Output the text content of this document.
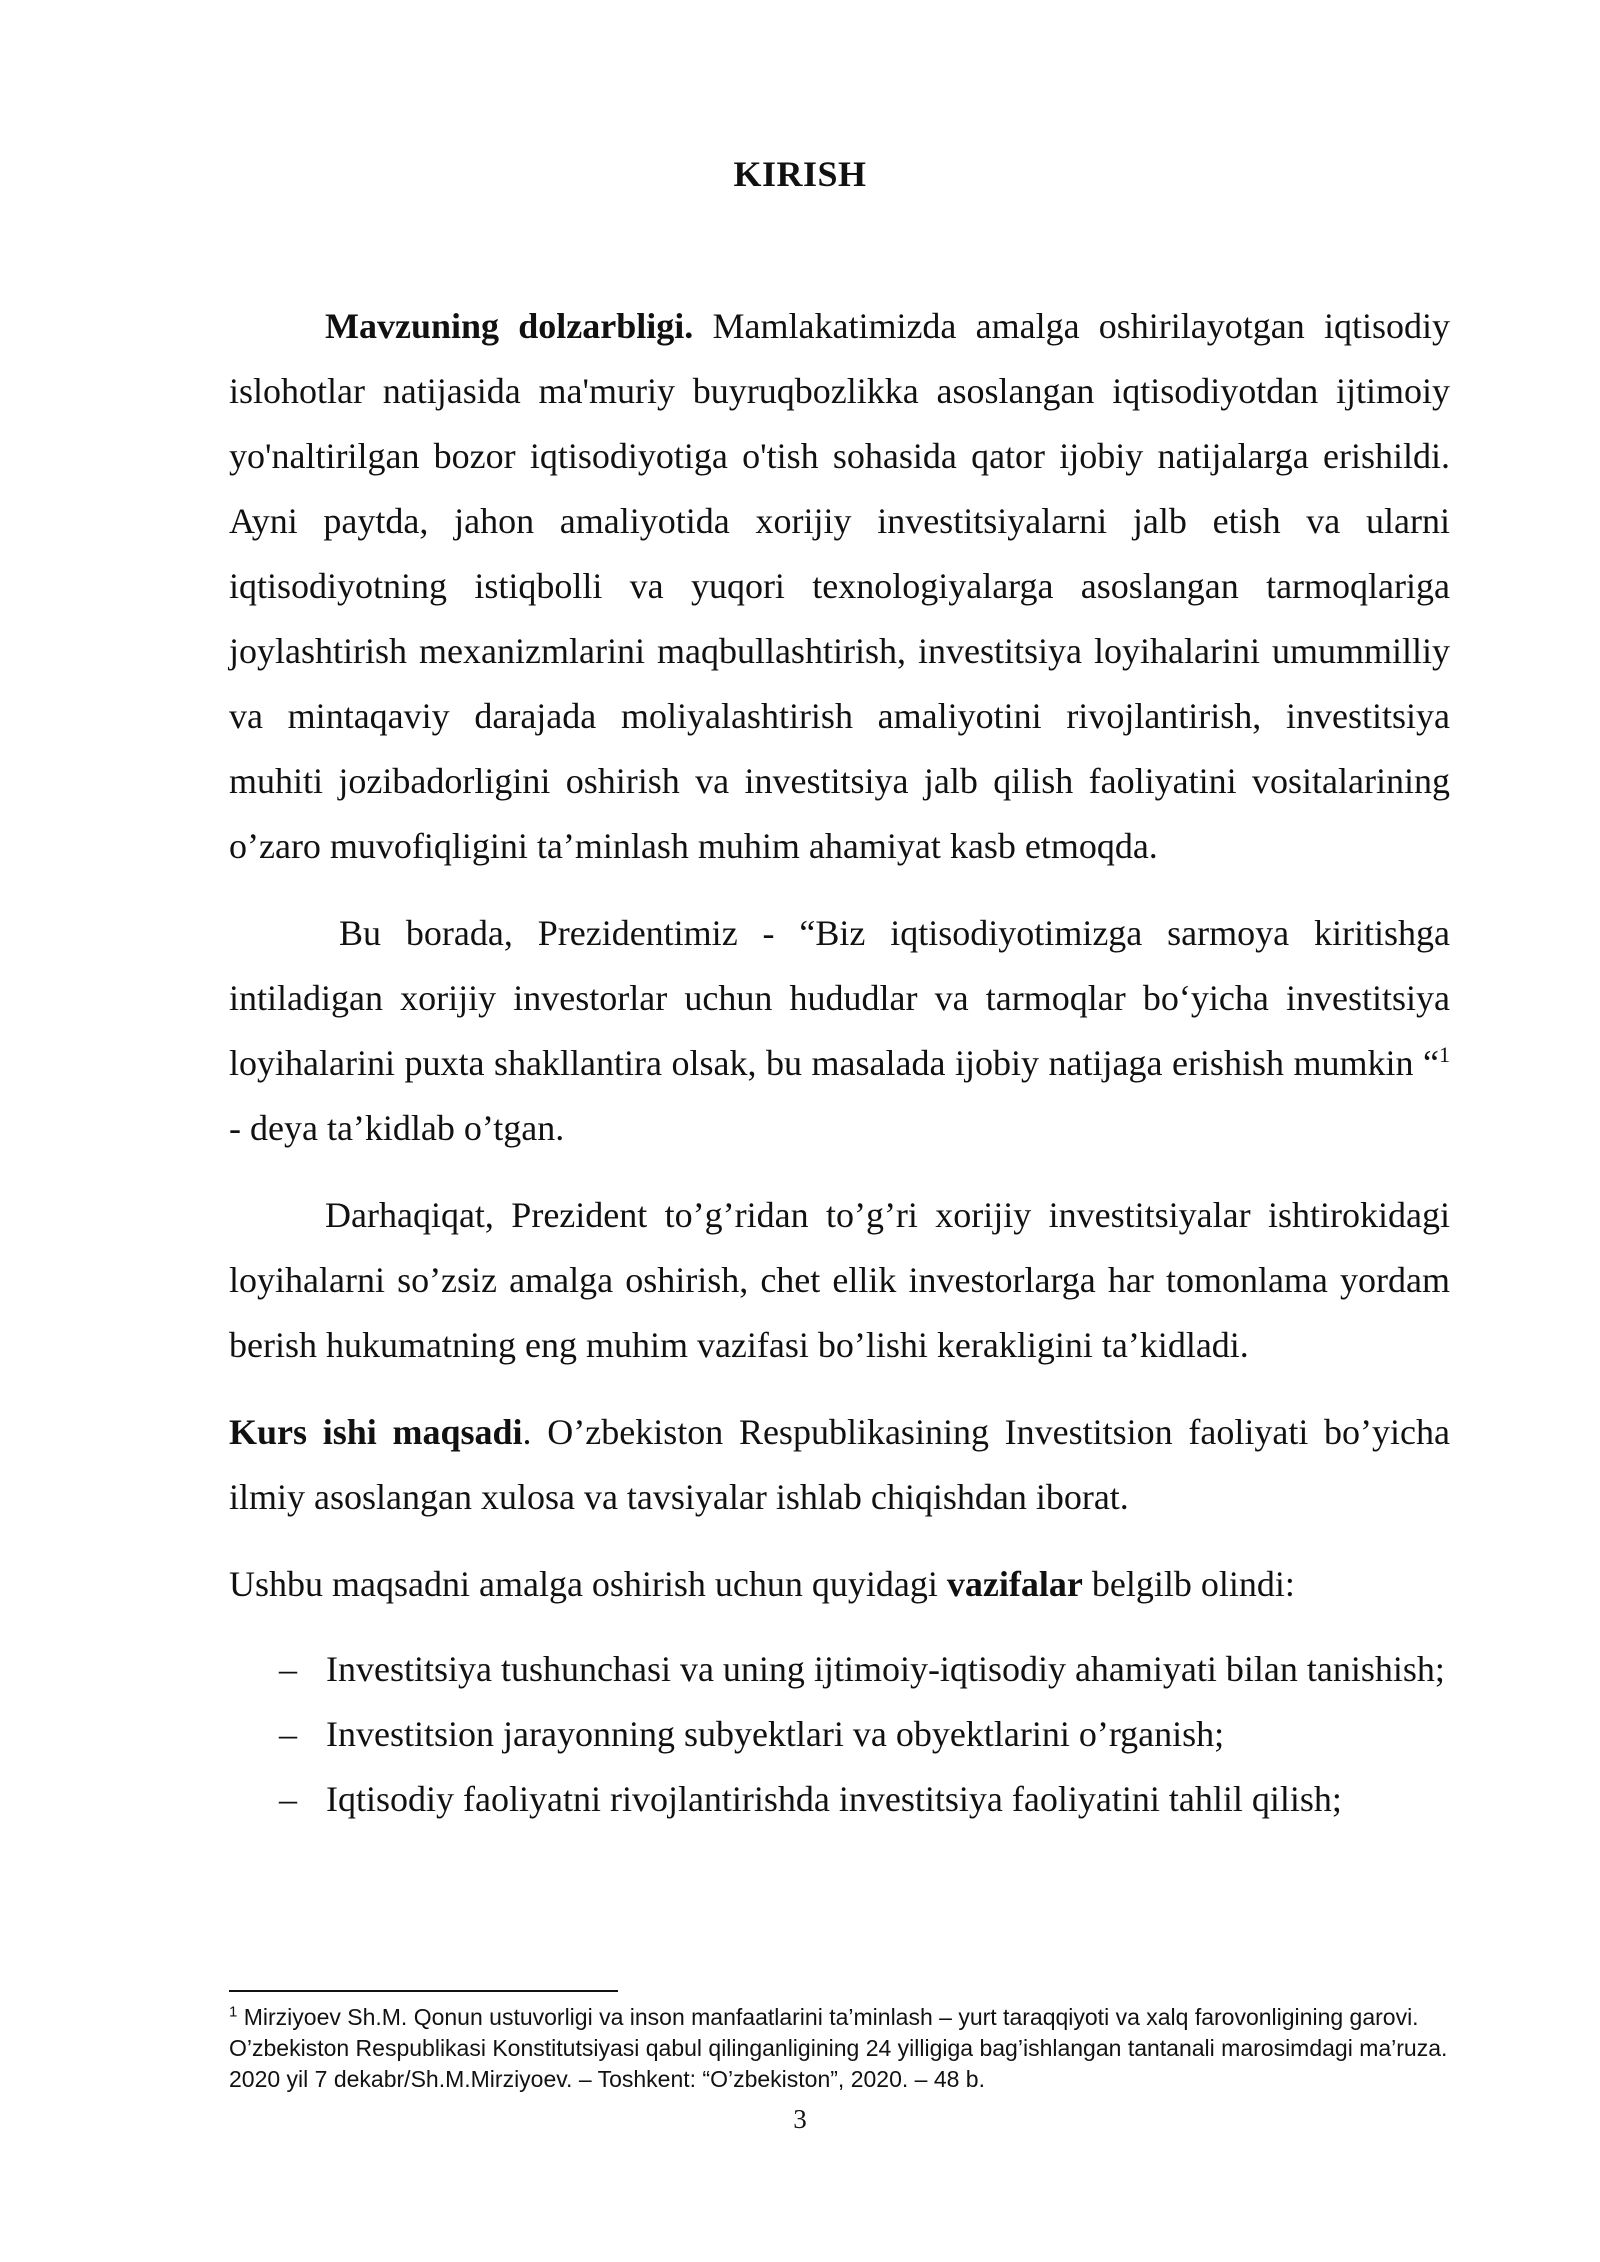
KIRISH

Mavzuning dolzarbligi. Mamlakatimizda amalga oshirilayotgan iqtisodiy islohotlar natijasida ma'muriy buyruqbozlikka asoslangan iqtisodiyotdan ijtimoiy yo'naltirilgan bozor iqtisodiyotiga o'tish sohasida qator ijobiy natijalarga erishildi. Ayni paytda, jahon amaliyotida xorijiy investitsiyalarni jalb etish va ularni iqtisodiyotning istiqbolli va yuqori texnologiyalarga asoslangan tarmoqlariga joylashtirish mexanizmlarini maqbullashtirish, investitsiya loyihalarini umummilliy va mintaqaviy darajada moliyalashtirish amaliyotini rivojlantirish, investitsiya muhiti jozibadorligini oshirish va investitsiya jalb qilish faoliyatini vositalarining o’zaro muvofiqligini ta’minlash muhim ahamiyat kasb etmoqda.

Bu borada, Prezidentimiz - “Biz iqtisodiyotimizga sarmoya kiritishga intiladigan xorijiy investorlar uchun hududlar va tarmoqlar bo‘yicha investitsiya loyihalarini puxta shakllantira olsak, bu masalada ijobiy natijaga erishish mumkin “$^1$ - deya ta’kidlab o’tgan.

Darhaqiqat, Prezident to’g’ridan to’g’ri xorijiy investitsiyalar ishtirokidagi loyihalarni so’zsiz amalga oshirish, chet ellik investorlarga har tomonlama yordam berish hukumatning eng muhim vazifasi bo’lishi kerakligini ta’kidladi.

Kurs ishi maqsadi. O’zbekiston Respublikasining Investitsion faoliyati bo’yicha ilmiy asoslangan xulosa va tavsiyalar ishlab chiqishdan iborat.

Ushbu maqsadni amalga oshirish uchun quyidagi vazifalar belgilb olindi:

– Investitsiya tushunchasi va uning ijtimoiy-iqtisodiy ahamiyati bilan tanishish;
– Investitsion jarayonning subyektlari va obyektlarini o’rganish;
– Iqtisodiy faoliyatni rivojlantirishda investitsiya faoliyatini tahlil qilish;
$^1$ Mirziyoev Sh.M. Qonun ustuvorligi va inson manfaatlarini ta’minlash – yurt taraqqiyoti va xalq farovonligining garovi. O’zbekiston Respublikasi Konstitutsiyasi qabul qilinganligining 24 yilligiga bag’ishlangan tantanali marosimdagi ma’ruza. 2020 yil 7 dekabr/Sh.M.Mirziyoev. – Toshkent: “O’zbekiston”, 2020. – 48 b.
3
